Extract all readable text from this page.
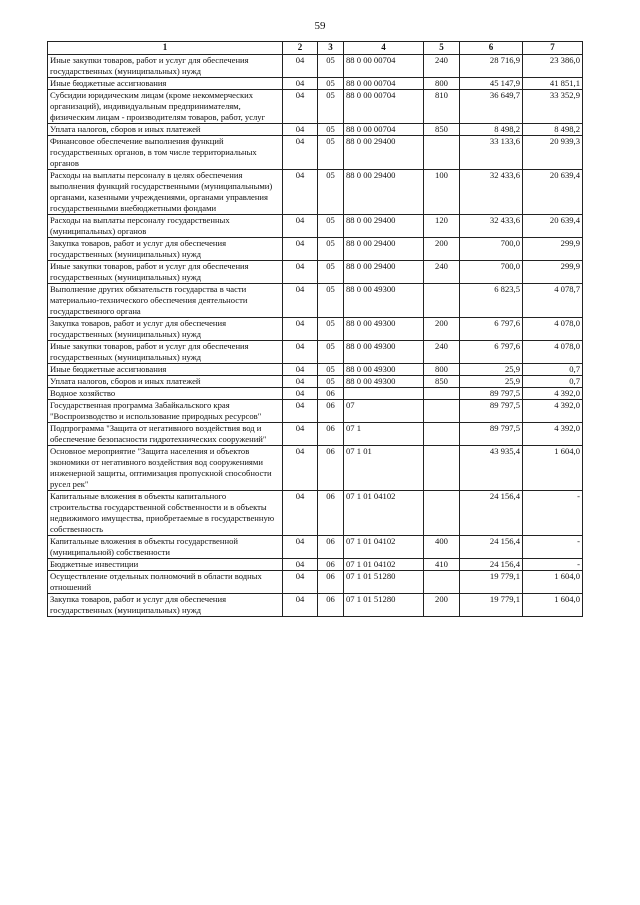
59
1	2	3	4	5	6	7
Иные закупки товаров, работ и услуг для обеспечения государственных (муниципальных) нужд	04	05	88 0 00 00704	240	28 716,9	23 386,0
Иные бюджетные ассигнования	04	05	88 0 00 00704	800	45 147,9	41 851,1
Субсидии юридическим лицам (кроме некоммерческих организаций), индивидуальным предпринимателям, физическим лицам - производителям товаров, работ, услуг	04	05	88 0 00 00704	810	36 649,7	33 352,9
Уплата налогов, сборов и иных платежей	04	05	88 0 00 00704	850	8 498,2	8 498,2
Финансовое обеспечение выполнения функций государственных органов, в том числе территориальных органов	04	05	88 0 00 29400		33 133,6	20 939,3
Расходы на выплаты персоналу в целях обеспечения выполнения функций государственными (муниципальными) органами, казенными учреждениями, органами управления государственными внебюджетными фондами	04	05	88 0 00 29400	100	32 433,6	20 639,4
Расходы на выплаты персоналу государственных (муниципальных) органов	04	05	88 0 00 29400	120	32 433,6	20 639,4
Закупка товаров, работ и услуг для обеспечения государственных (муниципальных) нужд	04	05	88 0 00 29400	200	700,0	299,9
Иные закупки товаров, работ и услуг для обеспечения государственных (муниципальных) нужд	04	05	88 0 00 29400	240	700,0	299,9
Выполнение других обязательств государства в части материально-технического обеспечения деятельности государственного органа	04	05	88 0 00 49300		6 823,5	4 078,7
Закупка товаров, работ и услуг для обеспечения государственных (муниципальных) нужд	04	05	88 0 00 49300	200	6 797,6	4 078,0
Иные закупки товаров, работ и услуг для обеспечения государственных (муниципальных) нужд	04	05	88 0 00 49300	240	6 797,6	4 078,0
Иные бюджетные ассигнования	04	05	88 0 00 49300	800	25,9	0,7
Уплата налогов, сборов и иных платежей	04	05	88 0 00 49300	850	25,9	0,7
Водное хозяйство	04	06			89 797,5	4 392,0
Государственная программа Забайкальского края "Воспроизводство и использование природных ресурсов"	04	06	07		89 797,5	4 392,0
Подпрограмма "Защита от негативного воздействия вод и обеспечение безопасности гидротехнических сооружений"	04	06	07 1		89 797,5	4 392,0
Основное мероприятие "Защита населения и объектов экономики от негативного воздействия вод сооружениями инженерной защиты, оптимизация пропускной способности русел рек"	04	06	07 1 01		43 935,4	1 604,0
Капитальные вложения в объекты капитального строительства государственной собственности и в объекты недвижимого имущества, приобретаемые в государственную собственность	04	06	07 1 01 04102		24 156,4	-
Капитальные вложения в объекты государственной (муниципальной) собственности	04	06	07 1 01 04102	400	24 156,4	-
Бюджетные инвестиции	04	06	07 1 01 04102	410	24 156,4	-
Осуществление отдельных полномочий в области водных отношений	04	06	07 1 01 51280		19 779,1	1 604,0
Закупка товаров, работ и услуг для обеспечения государственных (муниципальных) нужд	04	06	07 1 01 51280	200	19 779,1	1 604,0
